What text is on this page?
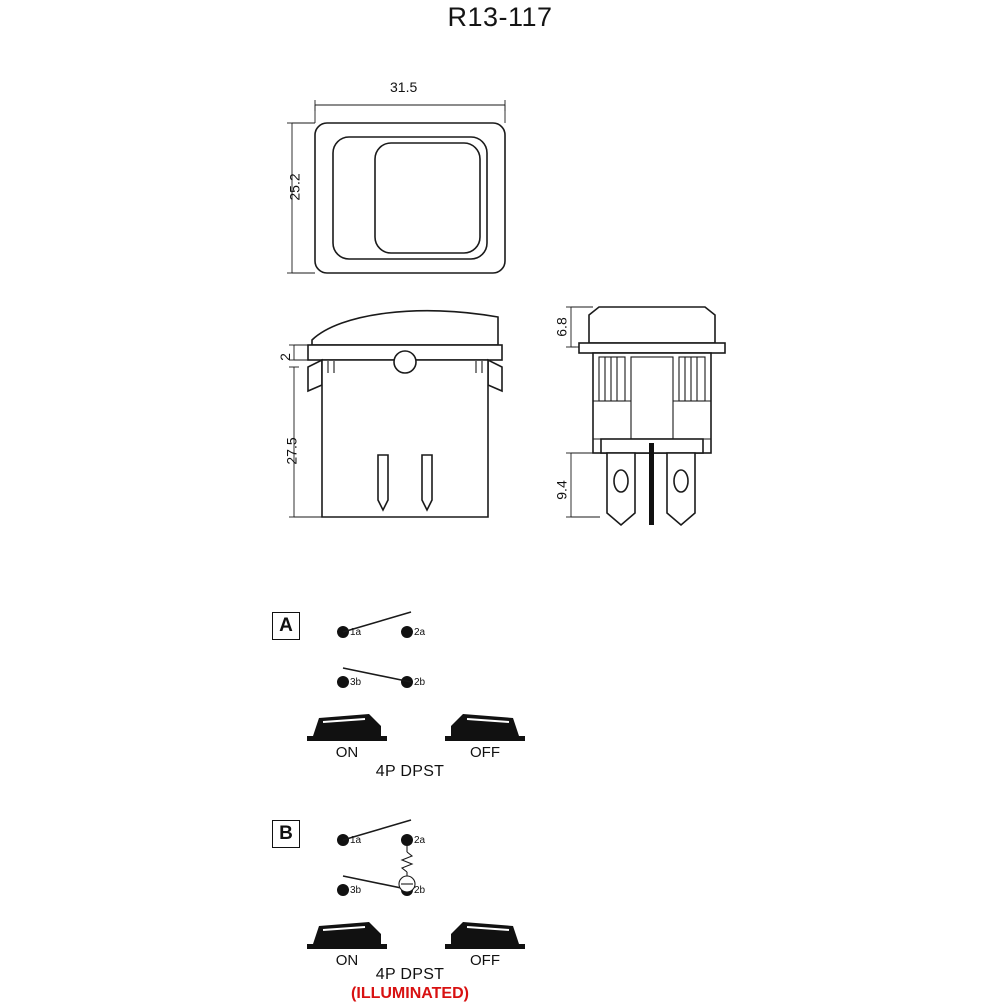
R13-117
31.5
25.2
2
27.5
6.8
9.4
A	1a	2a
3b	2b
ON	OFF
4P DPST
B	1a	2a
3b	2b
ON	OFF
4P DPST
(ILLUMINATED)
